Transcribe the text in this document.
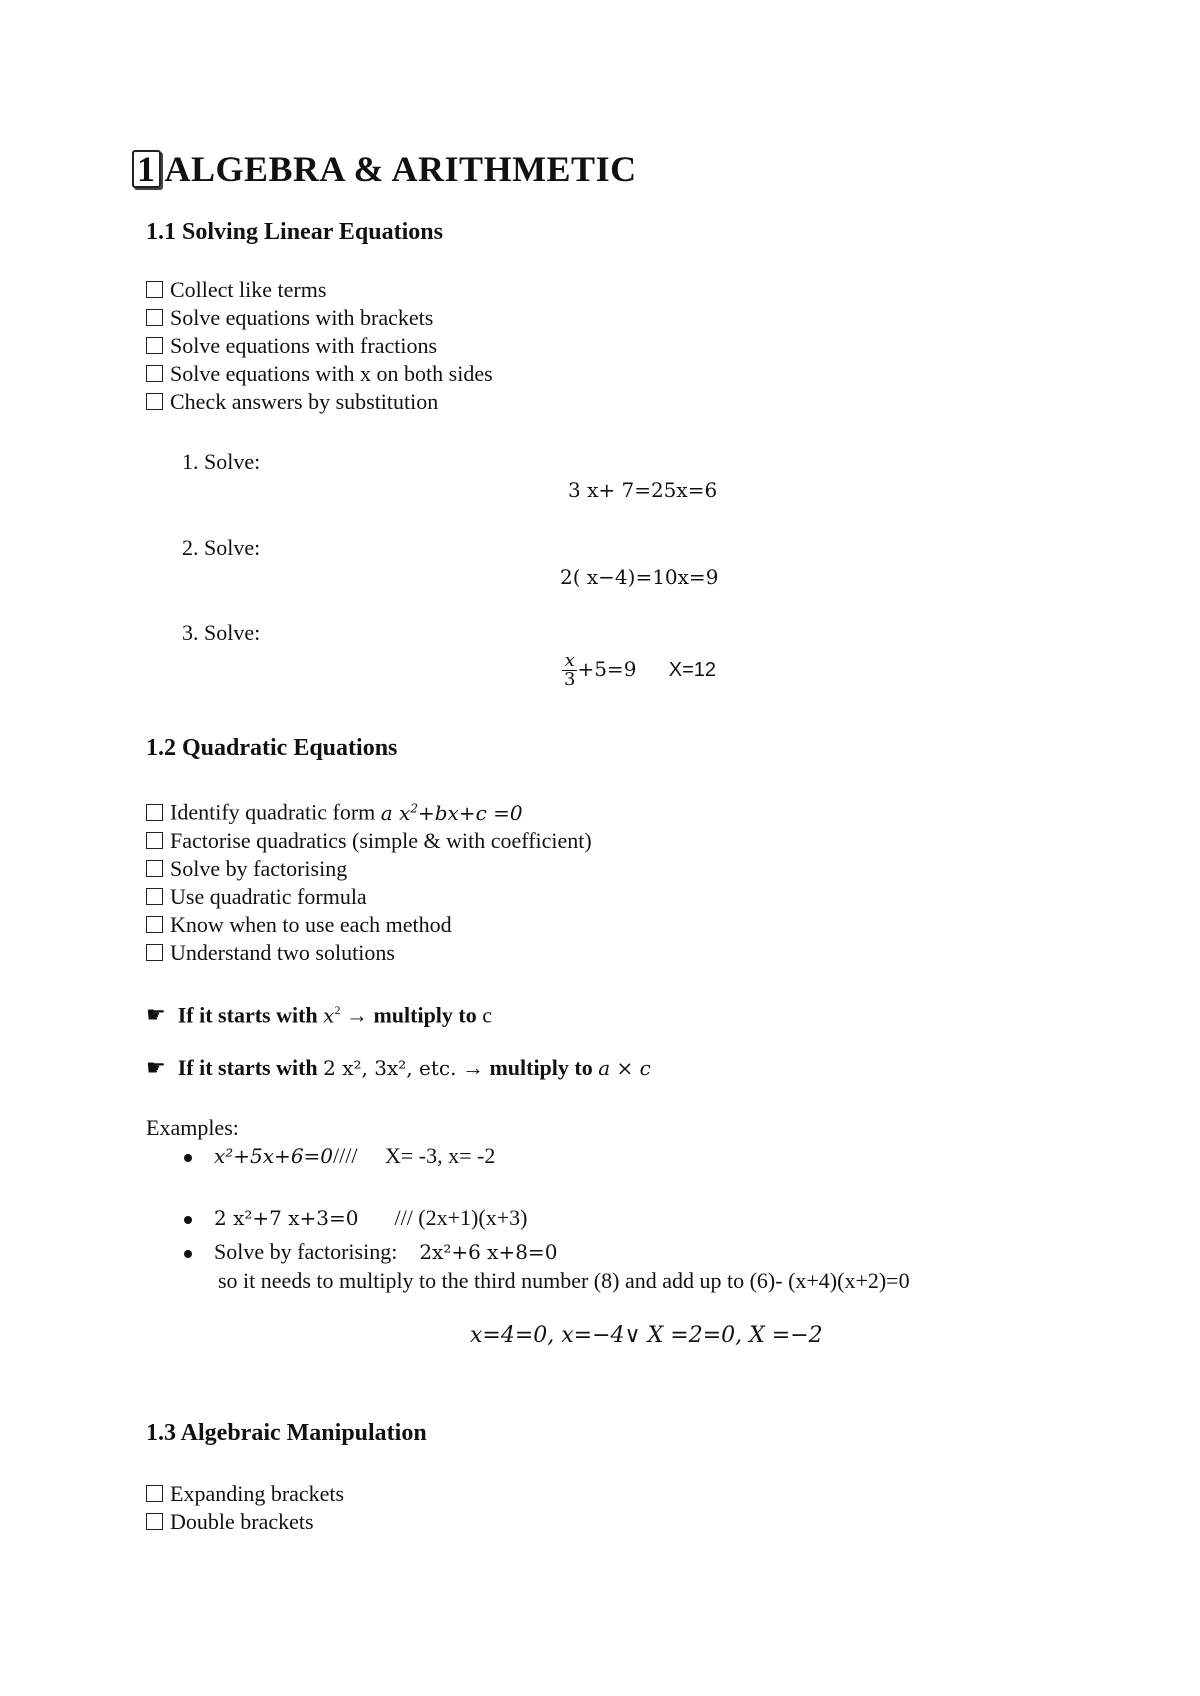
1 ALGEBRA & ARITHMETIC
1.1 Solving Linear Equations
Collect like terms
Solve equations with brackets
Solve equations with fractions
Solve equations with x on both sides
Check answers by substitution
1. Solve:
3 x+ 7=25x=6
2. Solve:
2( x−4)=10x=9
3. Solve:
$\frac{x}{3} +5=9$ X=12
1.2 Quadratic Equations
Identify quadratic form a $x^2+bx+c =0$
Factorise quadratics (simple & with coefficient)
Solve by factorising
Use quadratic formula
Know when to use each method
Understand two solutions
☛ If it starts with $x^2$ → multiply to c
☛ If it starts with 2 x², 3x², etc. → multiply to a × c
Examples:
x²+5x+6=0////     X= -3, x= -2
2 x²+7 x+3=0 /// (2x+1)(x+3)
Solve by factorising: 2x²+6 x+8=0
so it needs to multiply to the third number (8) and add up to (6)- (x+4)(x+2)=0
x=4=0, x=−4∨ X =2=0, X =−2
1.3 Algebraic Manipulation
Expanding brackets
Double brackets
